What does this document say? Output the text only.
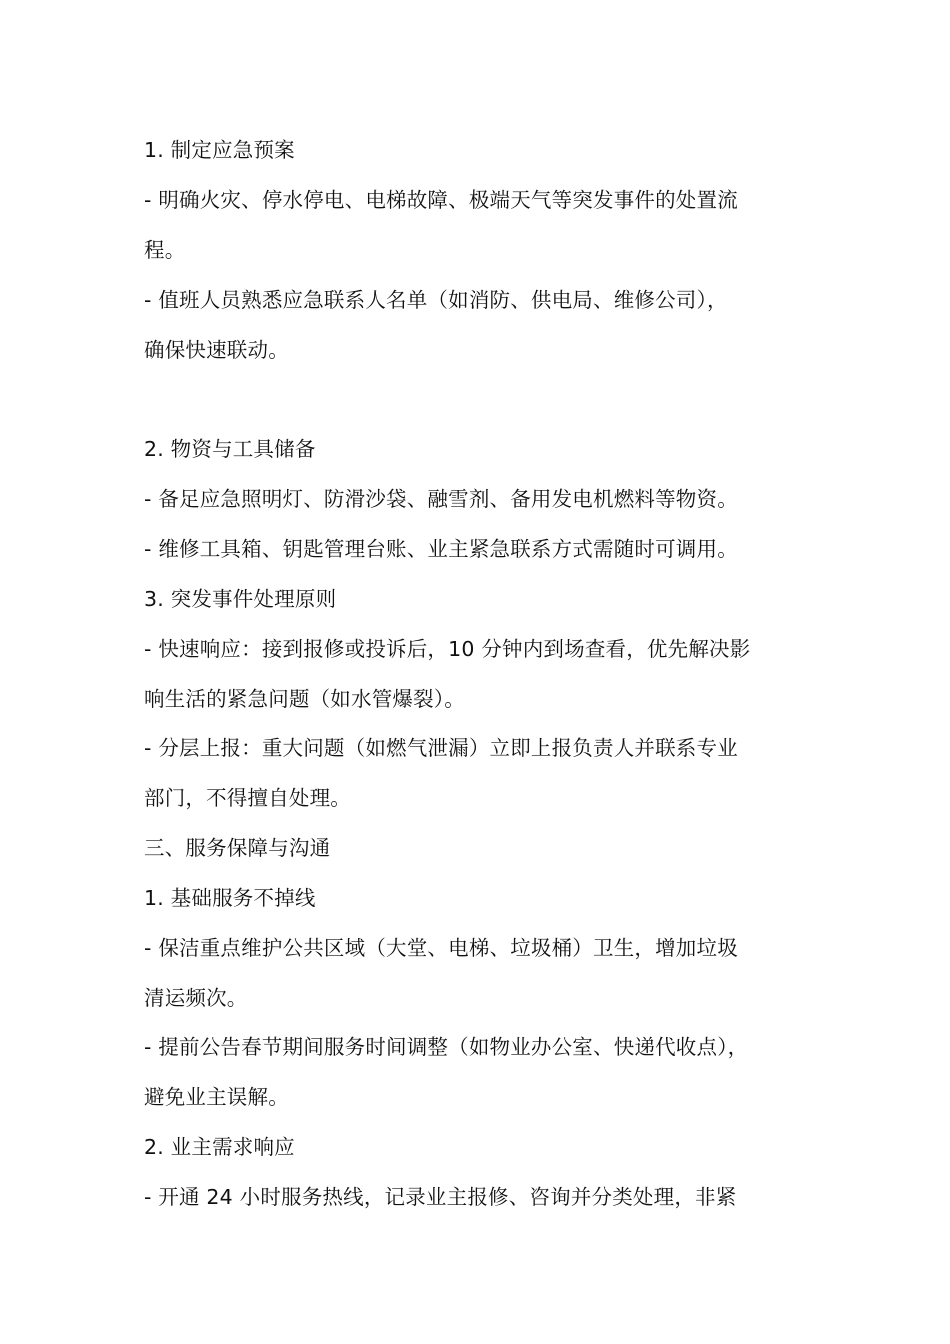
1. 制定应急预案
- 明确火灾、停水停电、电梯故障、极端天气等突发事件的处置流
程。
- 值班人员熟悉应急联系人名单（如消防、供电局、维修公司），
确保快速联动。
2. 物资与工具储备
- 备足应急照明灯、防滑沙袋、融雪剂、备用发电机燃料等物资。
- 维修工具箱、钥匙管理台账、业主紧急联系方式需随时可调用。
3. 突发事件处理原则
- 快速响应：接到报修或投诉后，10 分钟内到场查看，优先解决影
响生活的紧急问题（如水管爆裂）。
- 分层上报：重大问题（如燃气泄漏）立即上报负责人并联系专业
部门，不得擅自处理。
三、服务保障与沟通
1. 基础服务不掉线
- 保洁重点维护公共区域（大堂、电梯、垃圾桶）卫生，增加垃圾
清运频次。
- 提前公告春节期间服务时间调整（如物业办公室、快递代收点），
避免业主误解。
2. 业主需求响应
- 开通 24 小时服务热线，记录业主报修、咨询并分类处理，非紧
